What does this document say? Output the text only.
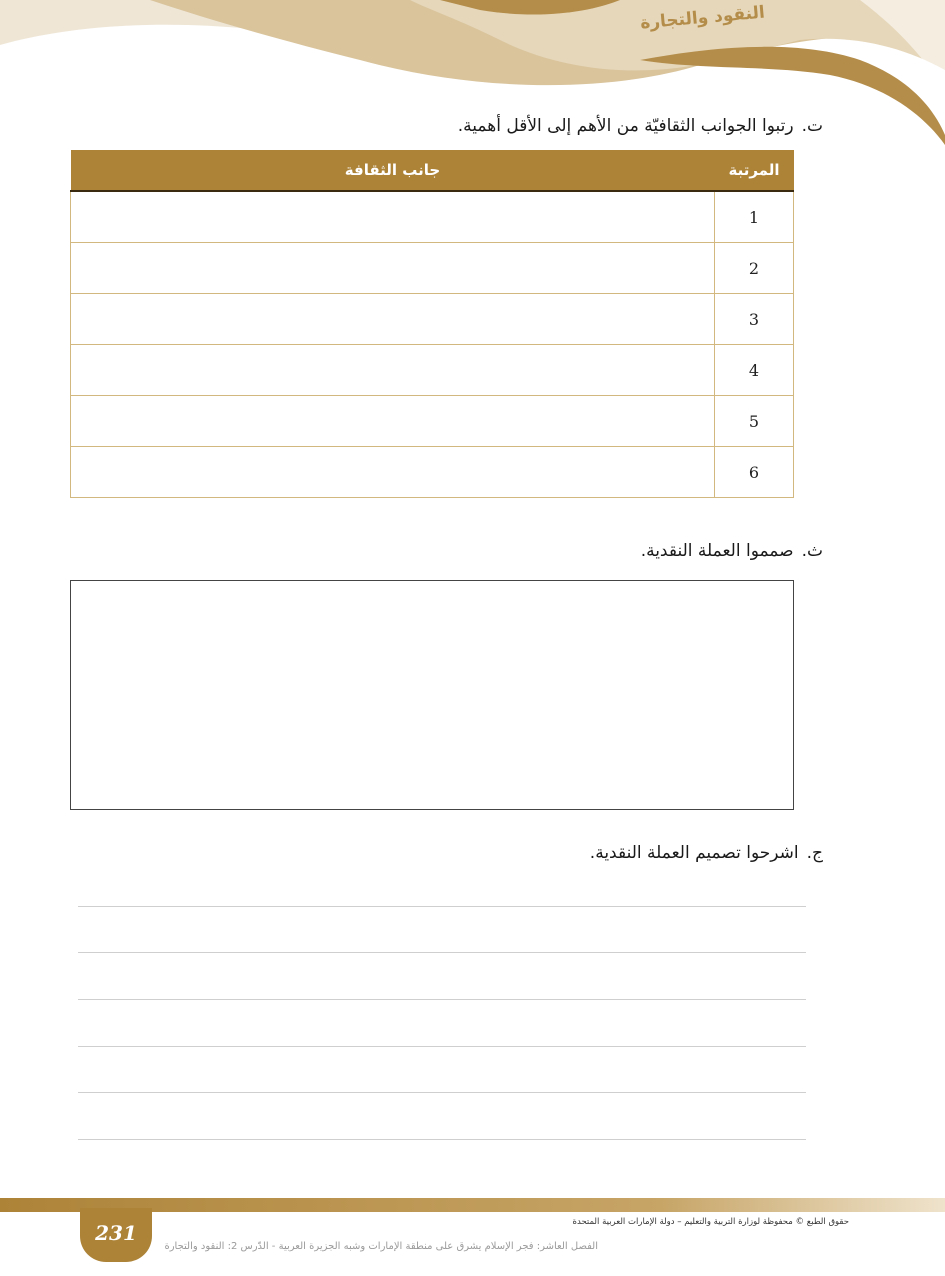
النقود والتجارة
ت.رتبوا الجوانب الثقافيّة من الأهم إلى الأقل أهمية.
المرتبة	جانب الثقافة
1	
2	
3	
4	
5	
6	
ث.صمموا العملة النقدية.
ج.اشرحوا تصميم العملة النقدية.
231	حقوق الطبع © محفوظة لوزارة التربية والتعليم – دولة الإمارات العربية المتحدة
الفصل العاشر: فجر الإسلام يشرق على منطقة الإمارات وشبه الجزيرة العربية - الدّرس 2: النقود والتجارة
